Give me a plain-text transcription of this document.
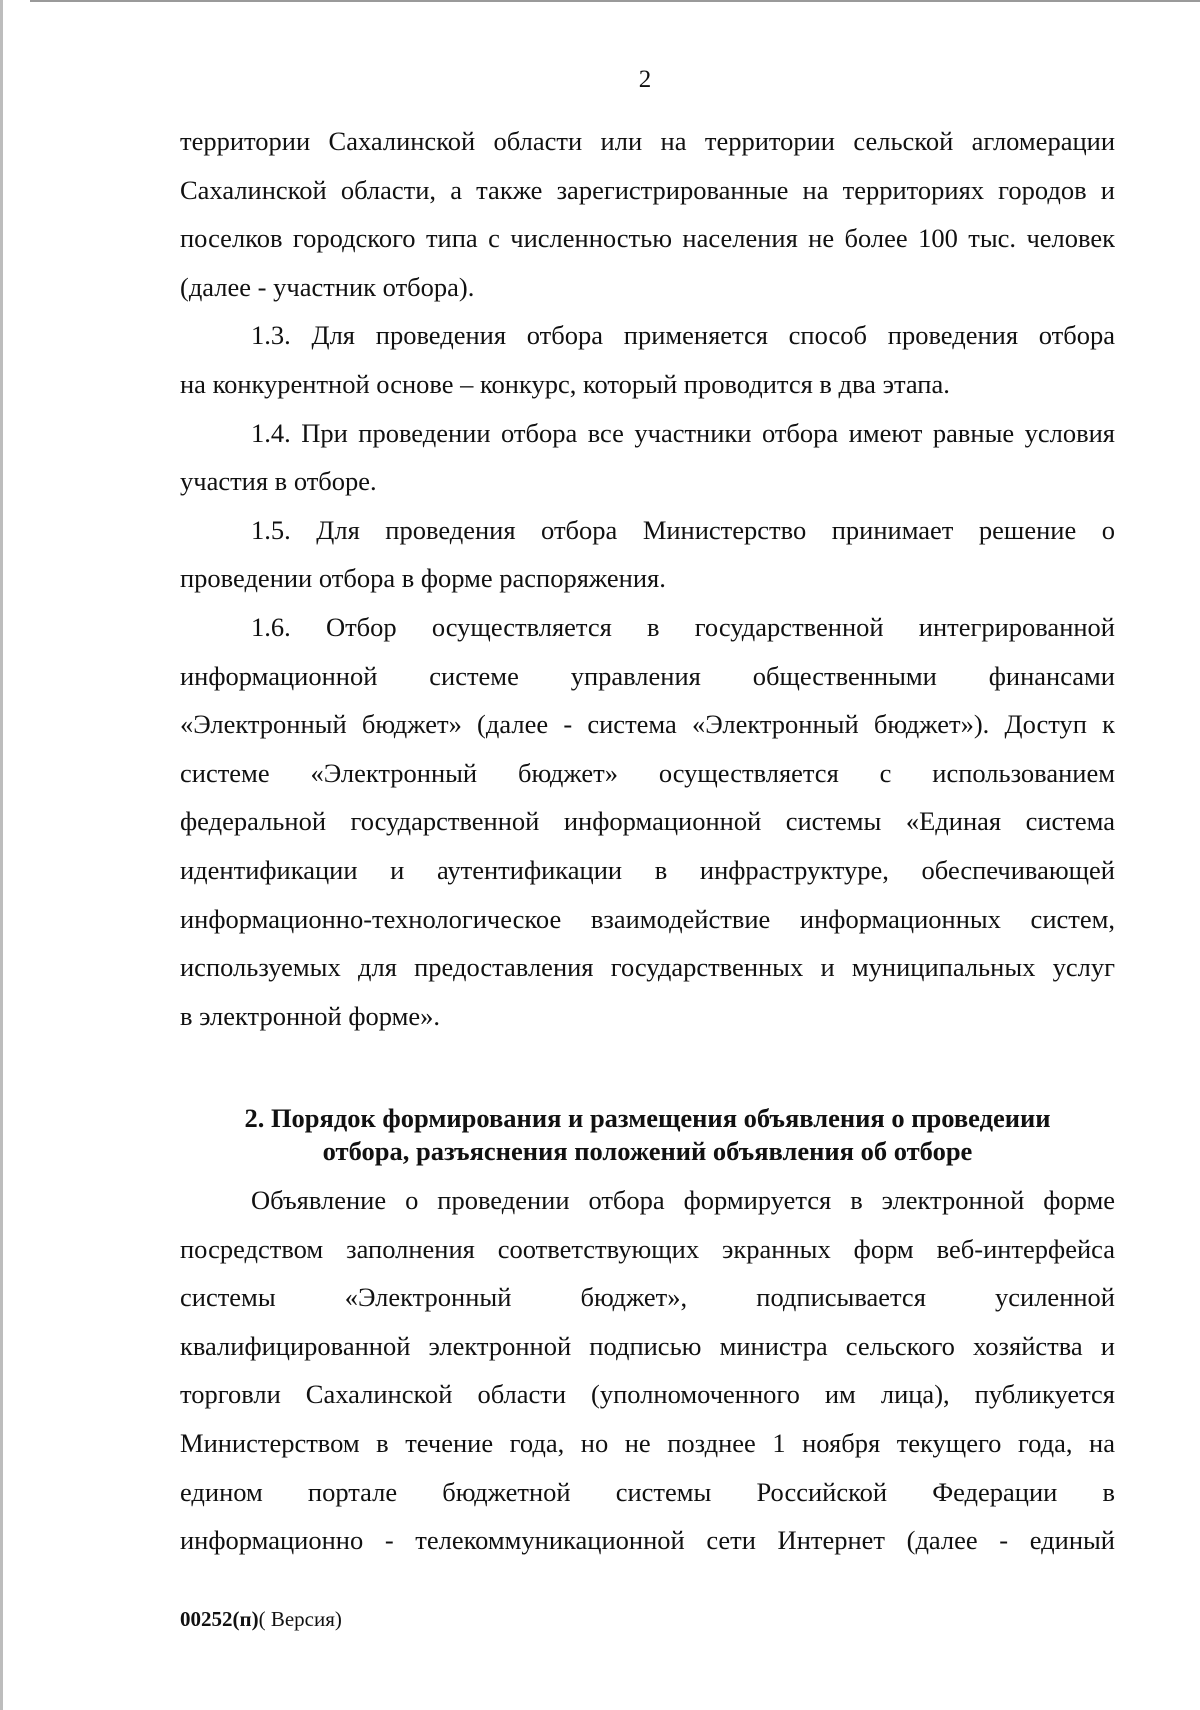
2
территории Сахалинской области или на территории сельской агломерации
Сахалинской области, а также зарегистрированные на территориях городов и
поселков городского типа с численностью населения не более 100 тыс. человек
(далее - участник отбора).
1.3. Для проведения отбора применяется способ проведения отбора
на конкурентной основе – конкурс, который проводится в два этапа.
1.4. При проведении отбора все участники отбора имеют равные условия
участия в отборе.
1.5. Для проведения отбора Министерство принимает решение о
проведении отбора в форме распоряжения.
1.6. Отбор осуществляется в государственной интегрированной
информационной системе управления общественными финансами
«Электронный бюджет» (далее - система «Электронный бюджет»). Доступ к
системе «Электронный бюджет» осуществляется с использованием
федеральной государственной информационной системы «Единая система
идентификации и аутентификации в инфраструктуре, обеспечивающей
информационно-технологическое взаимодействие информационных систем,
используемых для предоставления государственных и муниципальных услуг
в электронной форме».
2. Порядок формирования и размещения объявления о проведеиии
отбора, разъяснения положений объявления об отборе
Объявление о проведении отбора формируется в электронной форме
посредством заполнения соответствующих экранных форм веб-интерфейса
системы «Электронный бюджет», подписывается усиленной
квалифицированной электронной подписью министра сельского хозяйства и
торговли Сахалинской области (уполномоченного им лица), публикуется
Министерством в течение года, но не позднее 1 ноября текущего года, на
едином портале бюджетной системы Российской Федерации в
информационно - телекоммуникационной сети Интернет (далее - единый
00252(п)( Версия)
